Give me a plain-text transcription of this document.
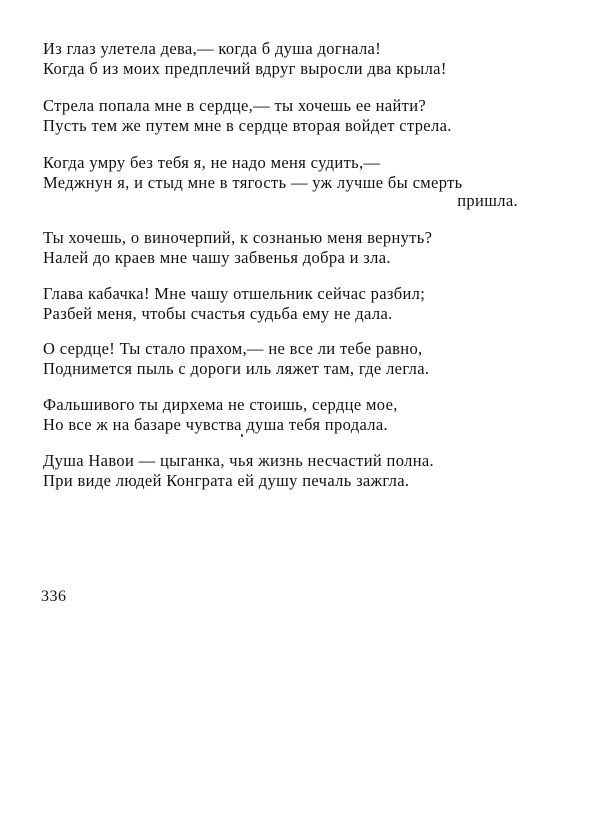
Из глаз улетела дева,— когда б душа догнала!
Когда б из моих предплечий вдруг выросли два крыла!
Стрела попала мне в сердце,— ты хочешь ее найти?
Пусть тем же путем мне в сердце вторая войдет стрела.
Когда умру без тебя я, не надо меня судить,—
Меджнун я, и стыд мне в тягость — уж лучше бы смерть
пришла.
Ты хочешь, о виночерпий, к сознанью меня вернуть?
Налей до краев мне чашу забвенья добра и зла.
Глава кабачка! Мне чашу отшельник сейчас разбил;
Разбей меня, чтобы счастья судьба ему не дала.
О сердце! Ты стало прахом,— не все ли тебе равно,
Поднимется пыль с дороги иль ляжет там, где легла.
Фальшивого ты дирхема не стоишь, сердце мое,
Но все ж на базаре чувства душа тебя продала.
Душа Навои — цыганка, чья жизнь несчастий полна.
При виде людей Конграта ей душу печаль зажгла.
336
